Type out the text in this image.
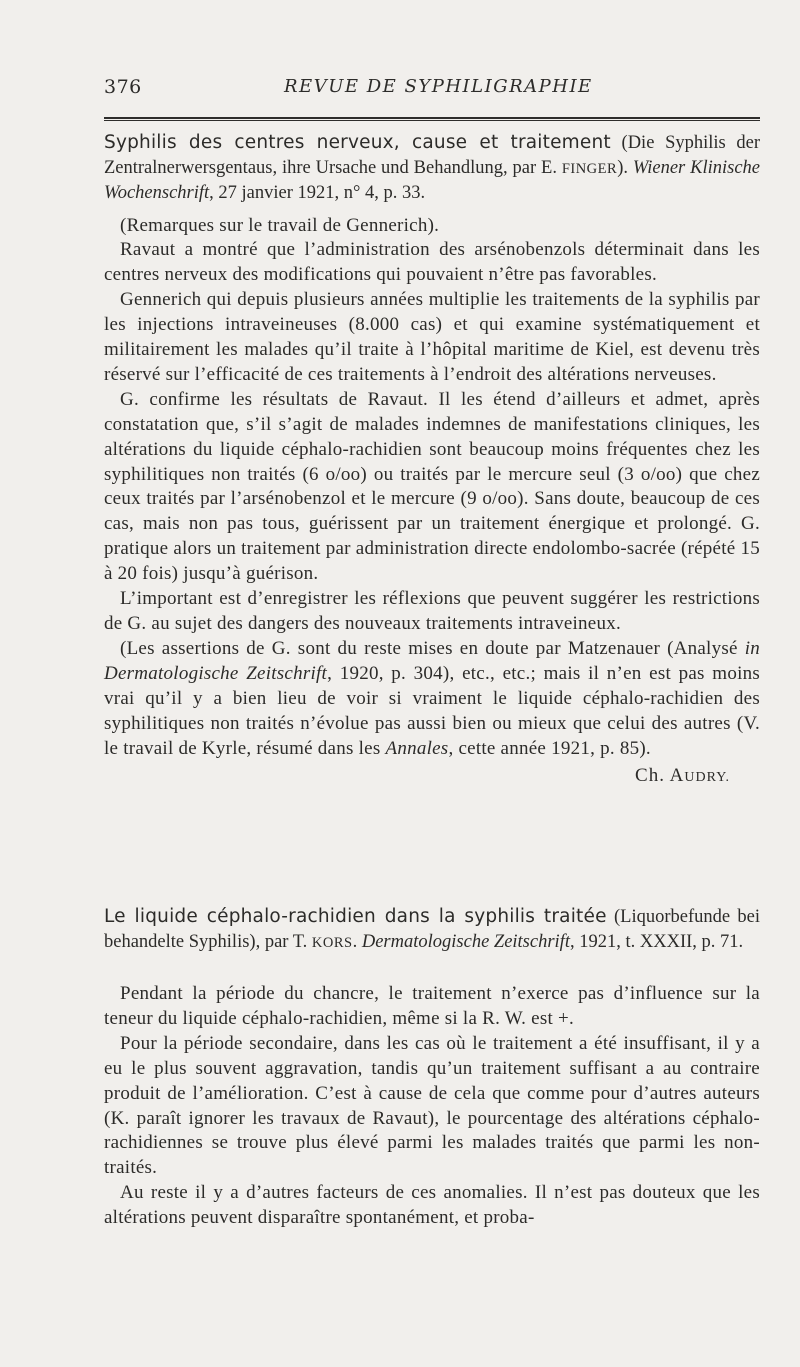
376	REVUE DE SYPHILIGRAPHIE

Syphilis des centres nerveux, cause et traitement (Die Syphilis der Zentralnerwersgentaus, ihre Ursache und Behandlung, par E. FINGER). Wiener Klinische Wochenschrift, 27 janvier 1921, n° 4, p. 33.

(Remarques sur le travail de Gennerich).

Ravaut a montré que l’administration des arsénobenzols déterminait dans les centres nerveux des modifications qui pouvaient n’être pas favorables.

Gennerich qui depuis plusieurs années multiplie les traitements de la syphilis par les injections intraveineuses (8.000 cas) et qui examine systématiquement et militairement les malades qu’il traite à l’hôpital maritime de Kiel, est devenu très réservé sur l’efficacité de ces traitements à l’endroit des altérations nerveuses.

G. confirme les résultats de Ravaut. Il les étend d’ailleurs et admet, après constatation que, s’il s’agit de malades indemnes de manifestations cliniques, les altérations du liquide céphalo-rachidien sont beaucoup moins fréquentes chez les syphilitiques non traités (6 o/oo) ou traités par le mercure seul (3 o/oo) que chez ceux traités par l’arsénobenzol et le mercure (9 o/oo). Sans doute, beaucoup de ces cas, mais non pas tous, guérissent par un traitement énergique et prolongé. G. pratique alors un traitement par administration directe endolombo-sacrée (répété 15 à 20 fois) jusqu’à guérison.

L’important est d’enregistrer les réflexions que peuvent suggérer les restrictions de G. au sujet des dangers des nouveaux traitements intraveineux.

(Les assertions de G. sont du reste mises en doute par Matzenauer (Analysé in Dermatologische Zeitschrift, 1920, p. 304), etc., etc.; mais il n’en est pas moins vrai qu’il y a bien lieu de voir si vraiment le liquide céphalo-rachidien des syphilitiques non traités n’évolue pas aussi bien ou mieux que celui des autres (V. le travail de Kyrle, résumé dans les Annales, cette année 1921, p. 85).

Ch. AUDRY.

Le liquide céphalo-rachidien dans la syphilis traitée (Liquorbefunde bei behandelte Syphilis), par T. KORS. Dermatologische Zeitschrift, 1921, t. XXXII, p. 71.

Pendant la période du chancre, le traitement n’exerce pas d’influence sur la teneur du liquide céphalo-rachidien, même si la R. W. est +.

Pour la période secondaire, dans les cas où le traitement a été insuffisant, il y a eu le plus souvent aggravation, tandis qu’un traitement suffisant a au contraire produit de l’amélioration. C’est à cause de cela que comme pour d’autres auteurs (K. paraît ignorer les travaux de Ravaut), le pourcentage des altérations céphalo-rachidiennes se trouve plus élevé parmi les malades traités que parmi les non-traités.

Au reste il y a d’autres facteurs de ces anomalies. Il n’est pas douteux que les altérations peuvent disparaître spontanément, et proba-
